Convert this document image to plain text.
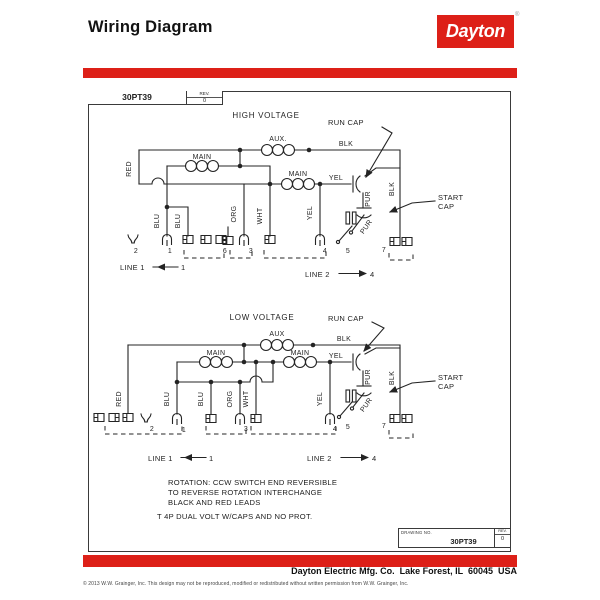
Wiring Diagram	Dayton
®
30PT39	REV.
0
HIGH VOLTAGE
RUN CAP
START
CAP
AUX.
MAIN
MAIN
BLK
YEL
RED
BLU BLU	ORG	WHT	YEL
PUR
PUR
BLK
2	1	6	3	4	5	7
LINE 1	1
LINE 2	4
LOW VOLTAGE	RUN CAP
START
CAP
AUX
MAIN	MAIN
BLK
YEL
RED	BLU	BLU	ORG WHT	YEL
PUR
PUR
BLK
2	1	3	4 5	7
LINE 1	1	LINE 2	4
ROTATION: CCW SWITCH END REVERSIBLE
TO REVERSE ROTATION INTERCHANGE
BLACK AND RED LEADS
T 4P DUAL VOLT W/CAPS AND NO PROT.
DRAWING NO.
30PT39
REV.
0
Dayton Electric Mfg. Co.  Lake Forest, IL  60045  USA
© 2013 W.W. Grainger, Inc. This design may not be reproduced, modified or redistributed without written permission from W.W. Grainger, Inc.
